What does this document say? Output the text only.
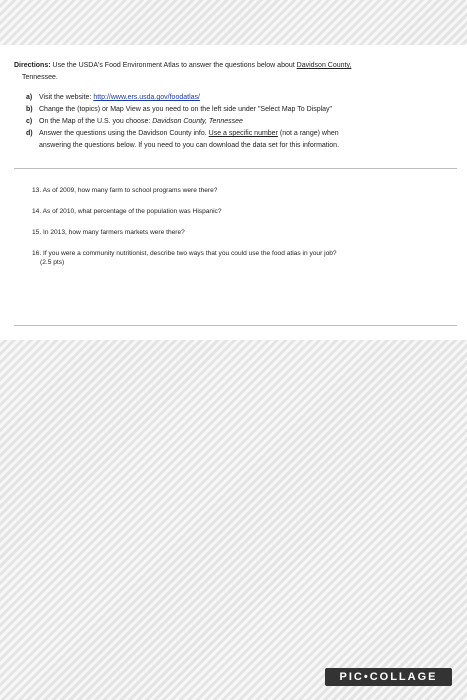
Directions: Use the USDA's Food Environment Atlas to answer the questions below about Davidson County,
Tennessee.

a) Visit the website: http://www.ers.usda.gov/foodatlas/
b) Change the (topics) or Map View as you need to on the left side under "Select Map To Display"
c) On the Map of the U.S. you choose: Davidson County, Tennessee
d) Answer the questions using the Davidson County info. Use a specific number (not a range) when
answering the questions below. If you need to you can download the data set for this information.

13. As of 2009, how many farm to school programs were there?

14. As of 2010, what percentage of the population was Hispanic?

15. In 2013, how many farmers markets were there?

16. If you were a community nutritionist, describe two ways that you could use the food atlas in your job?
(2.5 pts)

PIC•COLLAGE
